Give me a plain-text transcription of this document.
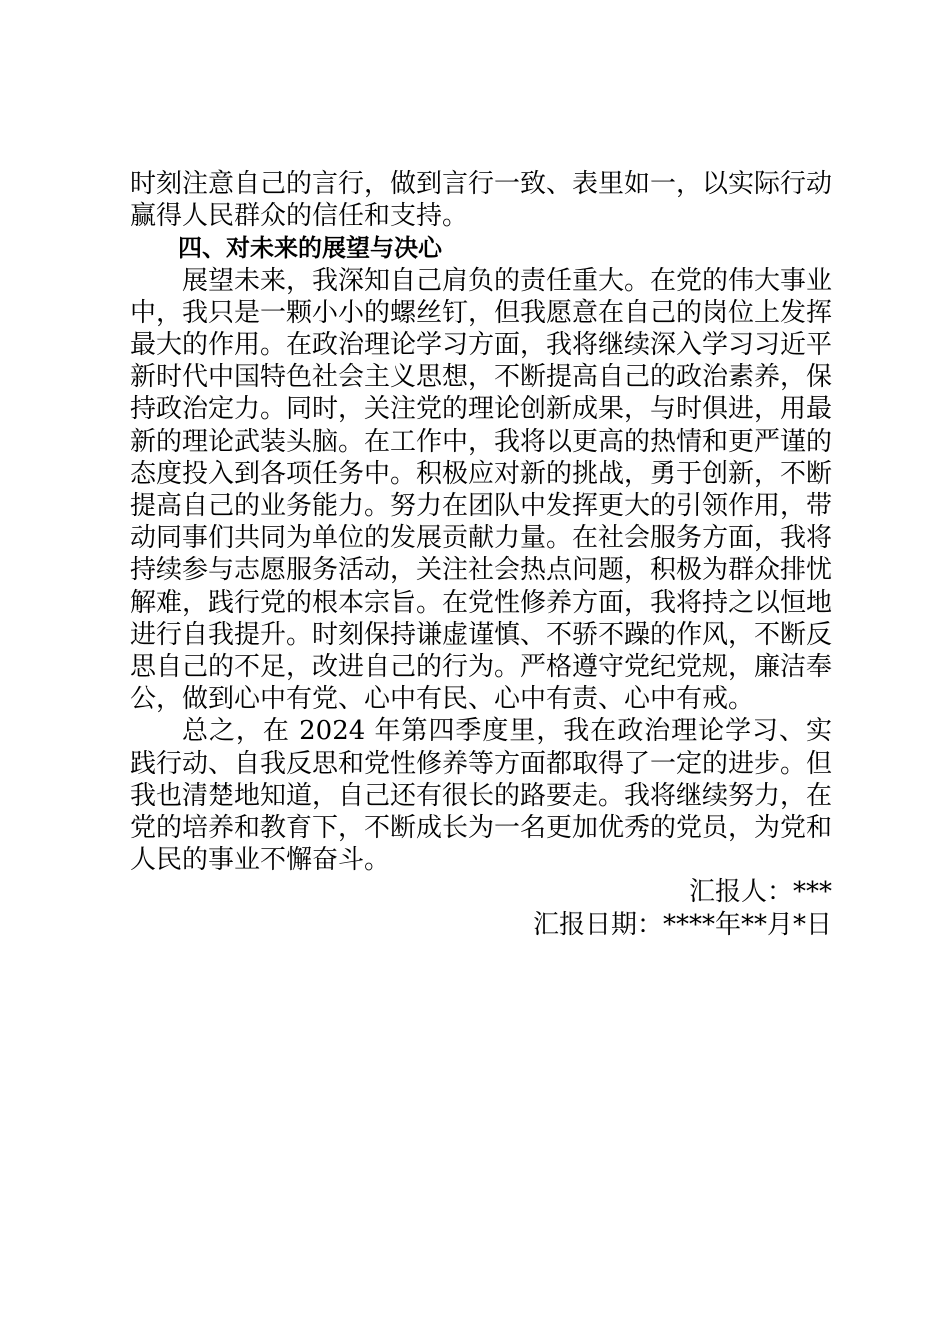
时刻注意自己的言行，做到言行一致、表里如一，以实际行动赢得人民群众的信任和支持。

四、对未来的展望与决心

展望未来，我深知自己肩负的责任重大。在党的伟大事业中，我只是一颗小小的螺丝钉，但我愿意在自己的岗位上发挥最大的作用。在政治理论学习方面，我将继续深入学习习近平新时代中国特色社会主义思想，不断提高自己的政治素养，保持政治定力。同时，关注党的理论创新成果，与时俱进，用最新的理论武装头脑。在工作中，我将以更高的热情和更严谨的态度投入到各项任务中。积极应对新的挑战，勇于创新，不断提高自己的业务能力。努力在团队中发挥更大的引领作用，带动同事们共同为单位的发展贡献力量。在社会服务方面，我将持续参与志愿服务活动，关注社会热点问题，积极为群众排忧解难，践行党的根本宗旨。在党性修养方面，我将持之以恒地进行自我提升。时刻保持谦虚谨慎、不骄不躁的作风，不断反思自己的不足，改进自己的行为。严格遵守党纪党规，廉洁奉公，做到心中有党、心中有民、心中有责、心中有戒。

总之，在 2024 年第四季度里，我在政治理论学习、实践行动、自我反思和党性修养等方面都取得了一定的进步。但我也清楚地知道，自己还有很长的路要走。我将继续努力，在党的培养和教育下，不断成长为一名更加优秀的党员，为党和人民的事业不懈奋斗。

汇报人：***

汇报日期：****年**月*日
